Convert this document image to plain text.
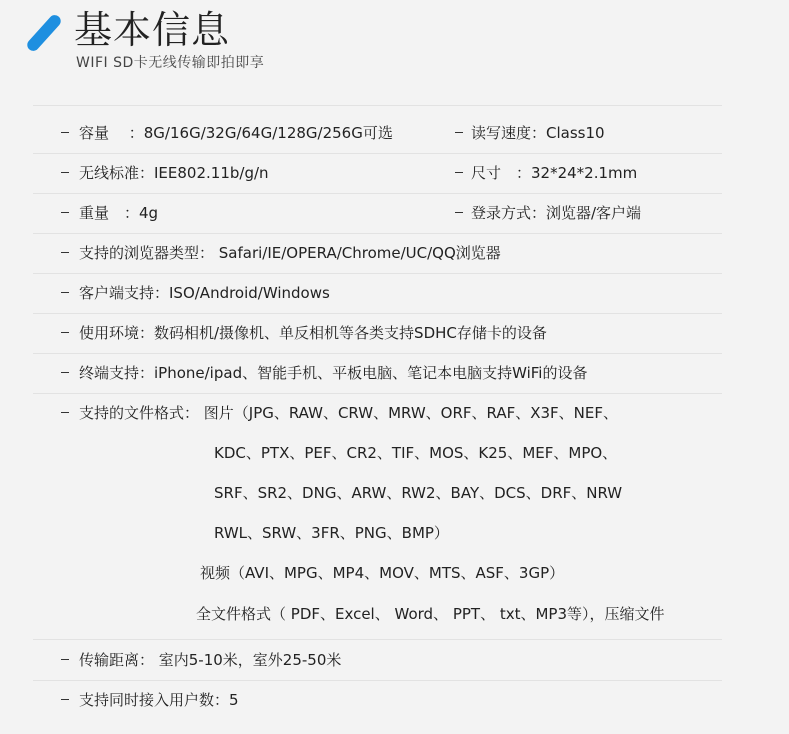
基本信息
WIFI SD卡无线传输即拍即享
容量　 ：8G/16G/32G/64G/128G/256G可选	读写速度：Class10
无线标准：IEE802.11b/g/n	尺寸　：32*24*2.1mm
重量　：4g	登录方式：浏览器/客户端
支持的浏览器类型： Safari/IE/OPERA/Chrome/UC/QQ浏览器
客户端支持：ISO/Android/Windows
使用环境：数码相机/摄像机、单反相机等各类支持SDHC存储卡的设备
终端支持：iPhone/ipad、智能手机、平板电脑、笔记本电脑支持WiFi的设备
支持的文件格式： 图片（JPG、RAW、CRW、MRW、ORF、RAF、X3F、NEF、
KDC、PTX、PEF、CR2、TIF、MOS、K25、MEF、MPO、
SRF、SR2、DNG、ARW、RW2、BAY、DCS、DRF、NRW
RWL、SRW、3FR、PNG、BMP）
视频（AVI、MPG、MP4、MOV、MTS、ASF、3GP）
全文件格式（ PDF、Excel、 Word、 PPT、 txt、MP3等），压缩文件
传输距离： 室内5-10米，室外25-50米
支持同时接入用户数：5
